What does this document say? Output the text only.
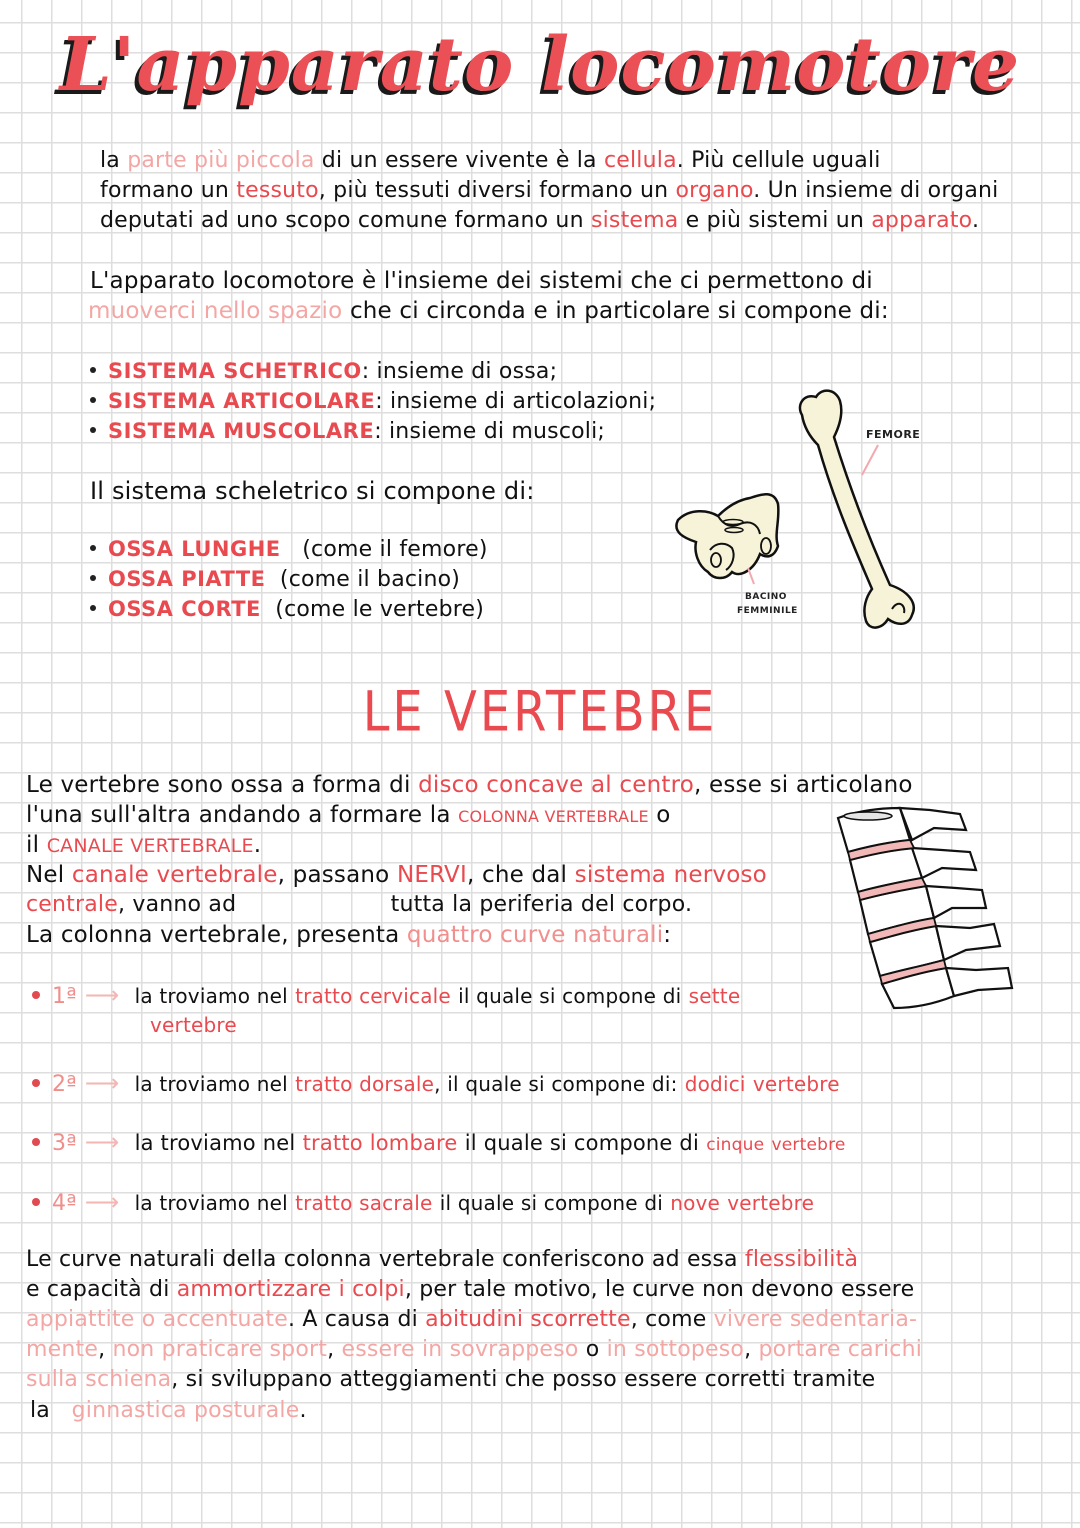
L'apparato locomotore
la parte più piccola di un essere vivente è la cellula. Più cellule uguali
formano un tessuto, più tessuti diversi formano un organo. Un insieme di organi
deputati ad uno scopo comune formano un sistema e più sistemi un apparato.
L'apparato locomotore è l'insieme dei sistemi che ci permettono di
muoverci nello spazio che ci circonda e in particolare si compone di:
SISTEMA SCHETRICO: insieme di ossa;
SISTEMA ARTICOLARE: insieme di articolazioni;
SISTEMA MUSCOLARE: insieme di muscoli;
Il sistema scheletrico si compone di:
OSSA LUNGHE (come il femore)
OSSA PIATTE (come il bacino)
OSSA CORTE (come le vertebre)	BACINO
FEMMINILE
FEMORE
LE VERTEBRE
Le vertebre sono ossa a forma di disco concave al centro, esse si articolano
l'una sull'altra andando a formare la COLONNA VERTEBRALE o
il CANALE VERTEBRALE.
Nel canale vertebrale, passano NERVI, che dal sistema nervoso
centrale, vanno ad	tutta la periferia del corpo.
La colonna vertebrale, presenta quattro curve naturali:
1ª ⟶ la troviamo nel tratto cervicale il quale si compone di sette
vertebre
2ª ⟶ la troviamo nel tratto dorsale, il quale si compone di: dodici vertebre
3ª ⟶ la troviamo nel tratto lombare il quale si compone di cinque vertebre
4ª ⟶ la troviamo nel tratto sacrale il quale si compone di nove vertebre
Le curve naturali della colonna vertebrale conferiscono ad essa flessibilità
e capacità di ammortizzare i colpi, per tale motivo, le curve non devono essere
appiattite o accentuate. A causa di abitudini scorrette, come vivere sedentaria-
mente, non praticare sport, essere in sovrappeso o in sottopeso, portare carichi
sulla schiena, si sviluppano atteggiamenti che posso essere corretti tramite
la ginnastica posturale.
